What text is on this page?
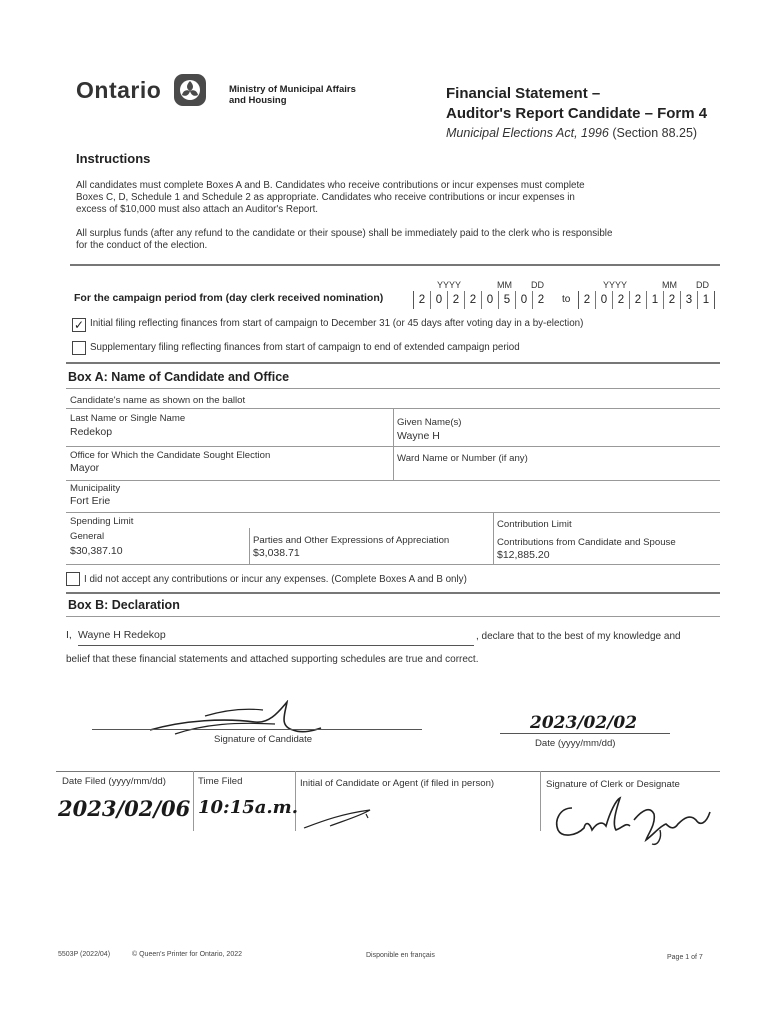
Ontario	Ministry of Municipal Affairs
and Housing	Financial Statement –
Auditor's Report Candidate – Form 4
Municipal Elections Act, 1996 (Section 88.25)
Instructions
All candidates must complete Boxes A and B. Candidates who receive contributions or incur expenses must complete
Boxes C, D, Schedule 1 and Schedule 2 as appropriate. Candidates who receive contributions or incur expenses in
excess of $10,000 must also attach an Auditor's Report.
All surplus funds (after any refund to the candidate or their spouse) shall be immediately paid to the clerk who is responsible
for the conduct of the election.
YYYY	MM DD	YYYY	MM DD
For the campaign period from (day clerk received nomination)	2 0 2 2 0 5 0 2	to	2 0 2 2 1 2 3 1
✓ Initial filing reflecting finances from start of campaign to December 31 (or 45 days after voting day in a by-election)
Supplementary filing reflecting finances from start of campaign to end of extended campaign period
Box A: Name of Candidate and Office
Candidate's name as shown on the ballot
Last Name or Single Name
Redekop
Given Name(s)
Wayne H
Office for Which the Candidate Sought Election
Mayor
Ward Name or Number (if any)
Municipality
Fort Erie
Spending Limit
General
$30,387.10
Parties and Other Expressions of Appreciation
$3,038.71
Contribution Limit
Contributions from Candidate and Spouse
$12,885.20
I did not accept any contributions or incur any expenses. (Complete Boxes A and B only)
Box B: Declaration
I, Wayne H Redekop	, declare that to the best of my knowledge and
belief that these financial statements and attached supporting schedules are true and correct.
Signature of Candidate
2023/02/02
Date (yyyy/mm/dd)
Date Filed (yyyy/mm/dd)	Time Filed	Initial of Candidate or Agent (if filed in person)	Signature of Clerk or Designate
2023/02/06 10:15a.m.
5503P (2022/04)	© Queen's Printer for Ontario, 2022	Disponible en français	Page 1 of 7
